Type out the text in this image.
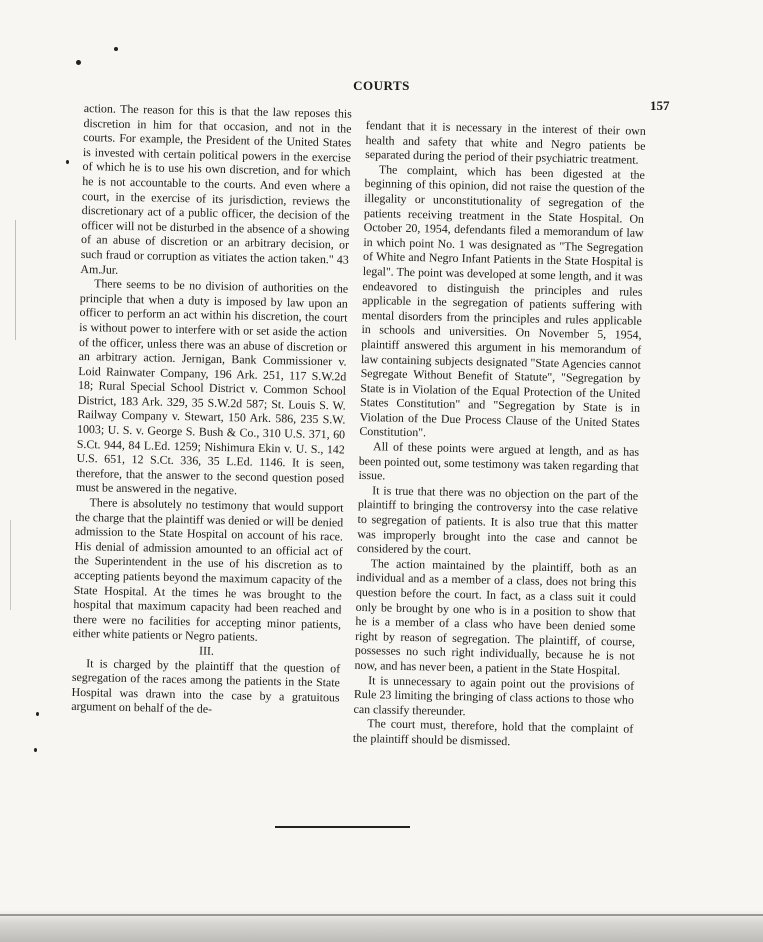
COURTS
157

action. The reason for this is that the law reposes this discretion in him for that occasion, and not in the courts. For example, the President of the United States is invested with certain political powers in the exercise of which he is to use his own discretion, and for which he is not accountable to the courts. And even where a court, in the exercise of its jurisdiction, reviews the discretionary act of a public officer, the decision of the officer will not be disturbed in the absence of a showing of an abuse of discretion or an arbitrary decision, or such fraud or corruption as vitiates the action taken." 43 Am.Jur.

There seems to be no division of authorities on the principle that when a duty is imposed by law upon an officer to perform an act within his discretion, the court is without power to interfere with or set aside the action of the officer, unless there was an abuse of discretion or an arbitrary action. Jernigan, Bank Commissioner v. Loid Rainwater Company, 196 Ark. 251, 117 S.W.2d 18; Rural Special School District v. Common School District, 183 Ark. 329, 35 S.W.2d 587; St. Louis S. W. Railway Company v. Stewart, 150 Ark. 586, 235 S.W. 1003; U. S. v. George S. Bush & Co., 310 U.S. 371, 60 S.Ct. 944, 84 L.Ed. 1259; Nishimura Ekin v. U. S., 142 U.S. 651, 12 S.Ct. 336, 35 L.Ed. 1146. It is seen, therefore, that the answer to the second question posed must be answered in the negative.

There is absolutely no testimony that would support the charge that the plaintiff was denied or will be denied admission to the State Hospital on account of his race. His denial of admission amounted to an official act of the Superintendent in the use of his discretion as to accepting patients beyond the maximum capacity of the State Hospital. At the times he was brought to the hospital that maximum capacity had been reached and there were no facilities for accepting minor patients, either white patients or Negro patients.

III.

It is charged by the plaintiff that the question of segregation of the races among the patients in the State Hospital was drawn into the case by a gratuitous argument on behalf of the de-

fendant that it is necessary in the interest of their own health and safety that white and Negro patients be separated during the period of their psychiatric treatment.

The complaint, which has been digested at the beginning of this opinion, did not raise the question of the illegality or unconstitutionality of segregation of the patients receiving treatment in the State Hospital. On October 20, 1954, defendants filed a memorandum of law in which point No. 1 was designated as "The Segregation of White and Negro Infant Patients in the State Hospital is legal". The point was developed at some length, and it was endeavored to distinguish the principles and rules applicable in the segregation of patients suffering with mental disorders from the principles and rules applicable in schools and universities. On November 5, 1954, plaintiff answered this argument in his memorandum of law containing subjects designated "State Agencies cannot Segregate Without Benefit of Statute", "Segregation by State is in Violation of the Equal Protection of the United States Constitution" and "Segregation by State is in Violation of the Due Process Clause of the United States Constitution".

All of these points were argued at length, and as has been pointed out, some testimony was taken regarding that issue.

It is true that there was no objection on the part of the plaintiff to bringing the controversy into the case relative to segregation of patients. It is also true that this matter was improperly brought into the case and cannot be considered by the court.

The action maintained by the plaintiff, both as an individual and as a member of a class, does not bring this question before the court. In fact, as a class suit it could only be brought by one who is in a position to show that he is a member of a class who have been denied some right by reason of segregation. The plaintiff, of course, possesses no such right individually, because he is not now, and has never been, a patient in the State Hospital.

It is unnecessary to again point out the provisions of Rule 23 limiting the bringing of class actions to those who can classify thereunder.

The court must, therefore, hold that the complaint of the plaintiff should be dismissed.
